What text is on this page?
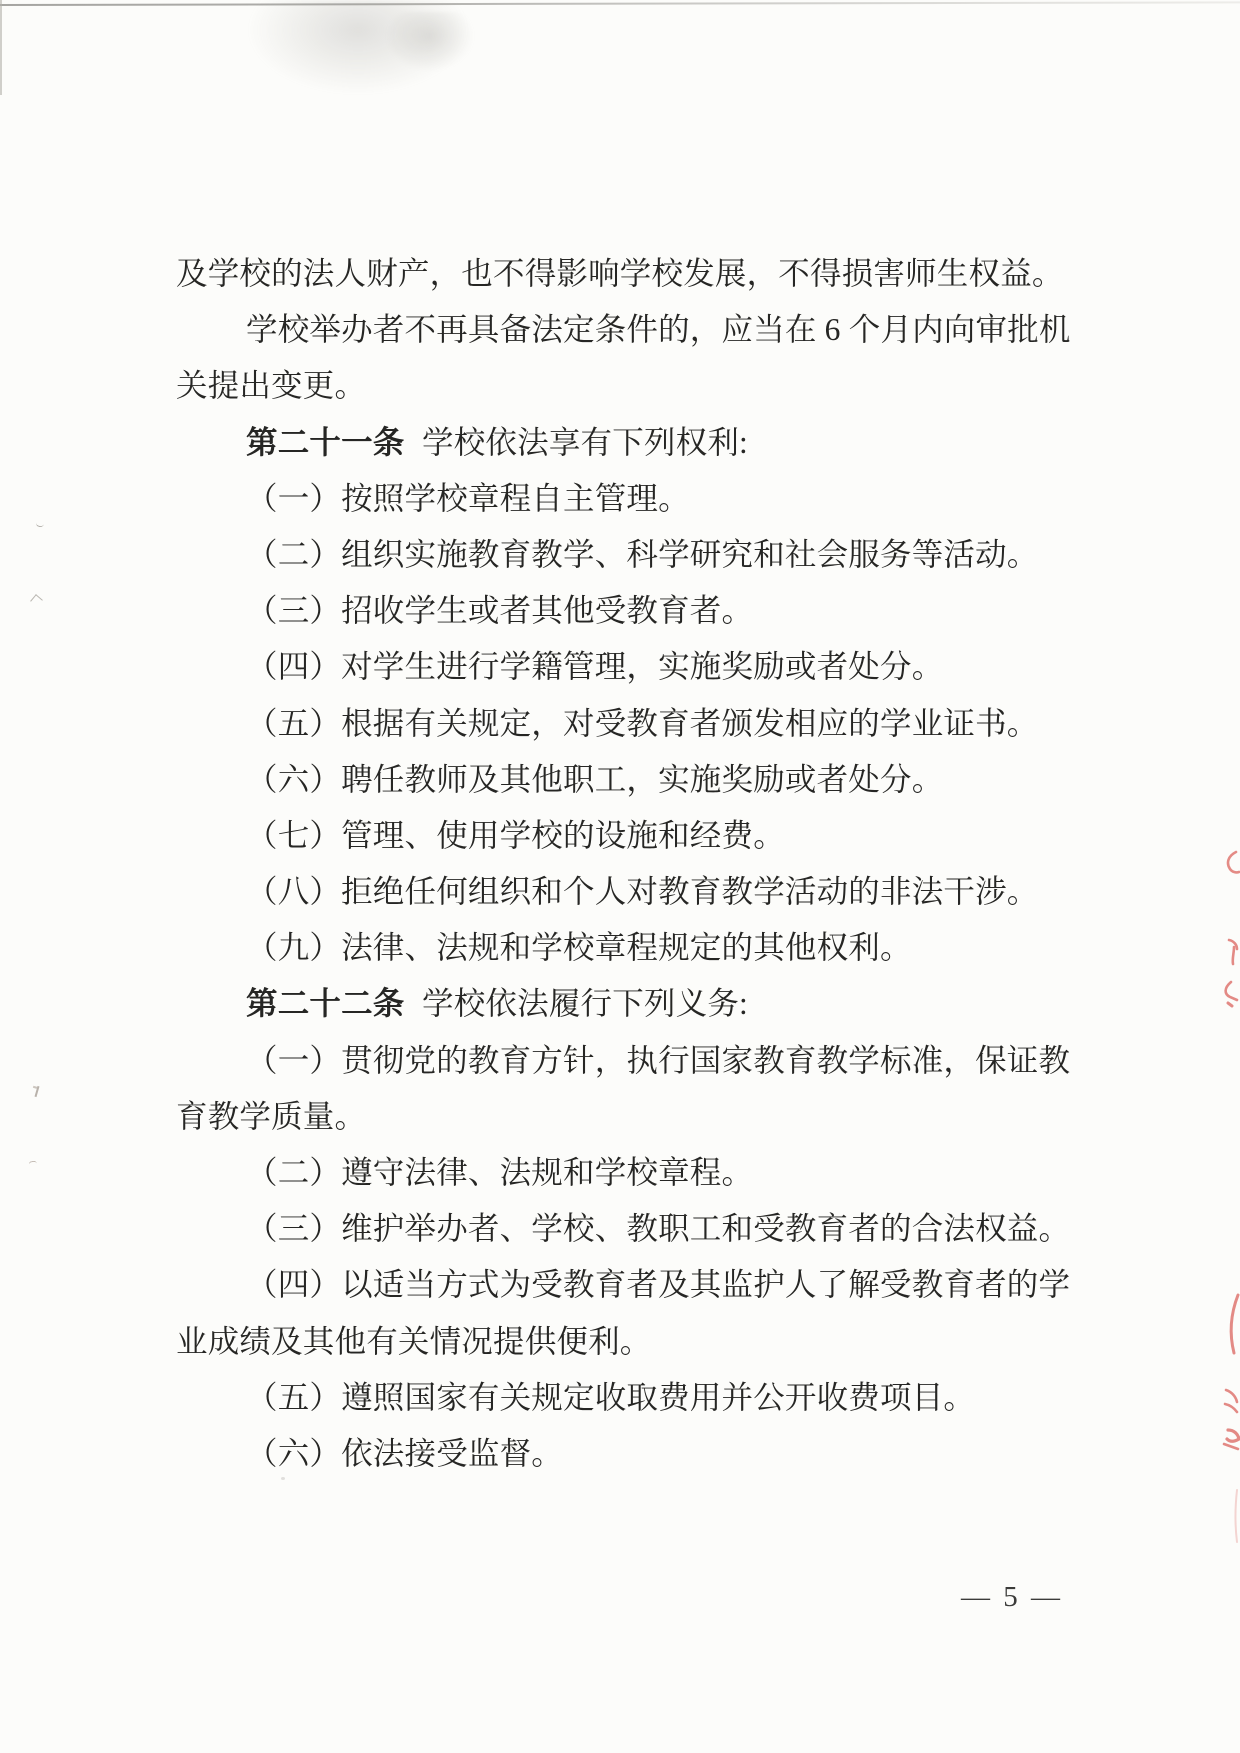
及学校的法人财产，也不得影响学校发展，不得损害师生权益。
学校举办者不再具备法定条件的，应当在 6 个月内向审批机
关提出变更。
第二十一条 学校依法享有下列权利:
（一）按照学校章程自主管理。
（二）组织实施教育教学、科学研究和社会服务等活动。
（三）招收学生或者其他受教育者。
（四）对学生进行学籍管理，实施奖励或者处分。
（五）根据有关规定，对受教育者颁发相应的学业证书。
（六）聘任教师及其他职工，实施奖励或者处分。
（七）管理、使用学校的设施和经费。
（八）拒绝任何组织和个人对教育教学活动的非法干涉。
（九）法律、法规和学校章程规定的其他权利。
第二十二条 学校依法履行下列义务:
（一）贯彻党的教育方针，执行国家教育教学标准，保证教
育教学质量。
（二）遵守法律、法规和学校章程。
（三）维护举办者、学校、教职工和受教育者的合法权益。
（四）以适当方式为受教育者及其监护人了解受教育者的学
业成绩及其他有关情况提供便利。
（五）遵照国家有关规定收取费用并公开收费项目。
（六）依法接受监督。
— 5 —
